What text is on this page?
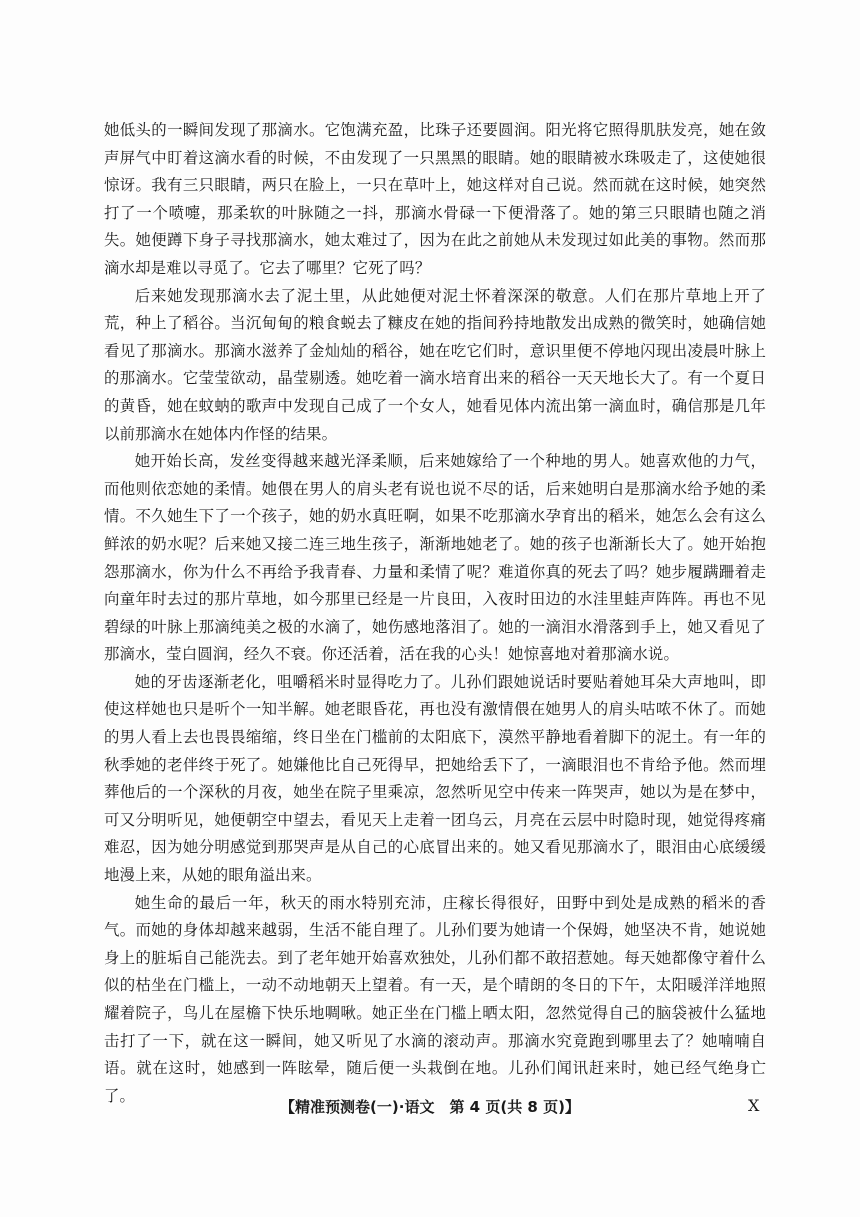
她低头的一瞬间发现了那滴水。它饱满充盈，比珠子还要圆润。阳光将它照得肌肤发亮，她在敛声屏气中盯着这滴水看的时候，不由发现了一只黑黑的眼睛。她的眼睛被水珠吸走了，这使她很惊讶。我有三只眼睛，两只在脸上，一只在草叶上，她这样对自己说。然而就在这时候，她突然打了一个喷嚏，那柔软的叶脉随之一抖，那滴水骨碌一下便滑落了。她的第三只眼睛也随之消失。她便蹲下身子寻找那滴水，她太难过了，因为在此之前她从未发现过如此美的事物。然而那滴水却是难以寻觅了。它去了哪里？它死了吗？

后来她发现那滴水去了泥土里，从此她便对泥土怀着深深的敬意。人们在那片草地上开了荒，种上了稻谷。当沉甸甸的粮食蜕去了糠皮在她的指间矜持地散发出成熟的微笑时，她确信她看见了那滴水。那滴水滋养了金灿灿的稻谷，她在吃它们时，意识里便不停地闪现出凌晨叶脉上的那滴水。它莹莹欲动，晶莹剔透。她吃着一滴水培育出来的稻谷一天天地长大了。有一个夏日的黄昏，她在蚊蚋的歌声中发现自己成了一个女人，她看见体内流出第一滴血时，确信那是几年以前那滴水在她体内作怪的结果。

她开始长高，发丝变得越来越光泽柔顺，后来她嫁给了一个种地的男人。她喜欢他的力气，而他则依恋她的柔情。她偎在男人的肩头老有说也说不尽的话，后来她明白是那滴水给予她的柔情。不久她生下了一个孩子，她的奶水真旺啊，如果不吃那滴水孕育出的稻米，她怎么会有这么鲜浓的奶水呢？后来她又接二连三地生孩子，渐渐地她老了。她的孩子也渐渐长大了。她开始抱怨那滴水，你为什么不再给予我青春、力量和柔情了呢？难道你真的死去了吗？她步履蹒跚着走向童年时去过的那片草地，如今那里已经是一片良田，入夜时田边的水洼里蛙声阵阵。再也不见碧绿的叶脉上那滴纯美之极的水滴了，她伤感地落泪了。她的一滴泪水滑落到手上，她又看见了那滴水，莹白圆润，经久不衰。你还活着，活在我的心头！她惊喜地对着那滴水说。

她的牙齿逐渐老化，咀嚼稻米时显得吃力了。儿孙们跟她说话时要贴着她耳朵大声地叫，即使这样她也只是听个一知半解。她老眼昏花，再也没有激情偎在她男人的肩头咕哝不休了。而她的男人看上去也畏畏缩缩，终日坐在门槛前的太阳底下，漠然平静地看着脚下的泥土。有一年的秋季她的老伴终于死了。她嫌他比自己死得早，把她给丢下了，一滴眼泪也不肯给予他。然而埋葬他后的一个深秋的月夜，她坐在院子里乘凉，忽然听见空中传来一阵哭声，她以为是在梦中，可又分明听见，她便朝空中望去，看见天上走着一团乌云，月亮在云层中时隐时现，她觉得疼痛难忍，因为她分明感觉到那哭声是从自己的心底冒出来的。她又看见那滴水了，眼泪由心底缓缓地漫上来，从她的眼角溢出来。

她生命的最后一年，秋天的雨水特别充沛，庄稼长得很好，田野中到处是成熟的稻米的香气。而她的身体却越来越弱，生活不能自理了。儿孙们要为她请一个保姆，她坚决不肯，她说她身上的脏垢自己能洗去。到了老年她开始喜欢独处，儿孙们都不敢招惹她。每天她都像守着什么似的枯坐在门槛上，一动不动地朝天上望着。有一天，是个晴朗的冬日的下午，太阳暖洋洋地照耀着院子，鸟儿在屋檐下快乐地啁啾。她正坐在门槛上晒太阳，忽然觉得自己的脑袋被什么猛地击打了一下，就在这一瞬间，她又听见了水滴的滚动声。那滴水究竟跑到哪里去了？她喃喃自语。就在这时，她感到一阵眩晕，随后便一头栽倒在地。儿孙们闻讯赶来时，她已经气绝身亡了。

【精准预测卷(一)·语文　第 4 页(共 8 页)】	X
